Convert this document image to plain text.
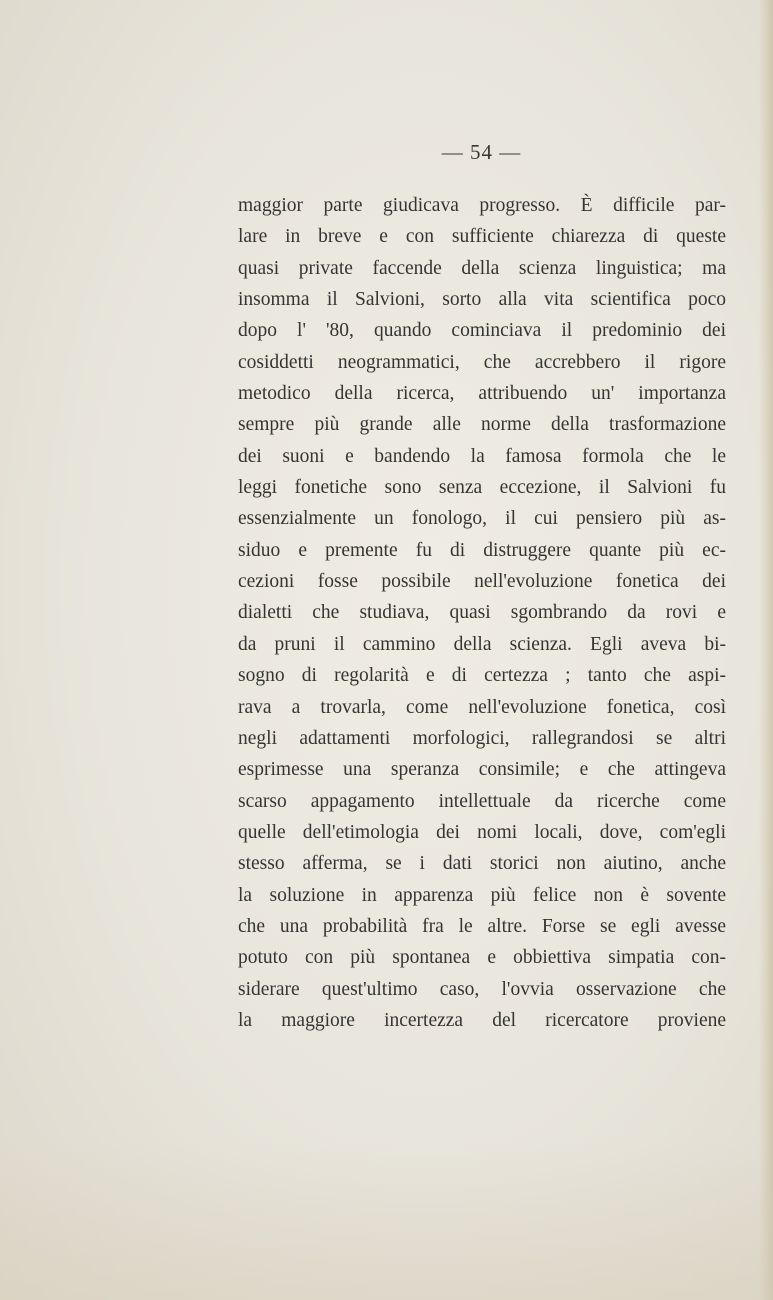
— 54 —
maggior parte giudicava progresso. È difficile par-
lare in breve e con sufficiente chiarezza di queste
quasi private faccende della scienza linguistica; ma
insomma il Salvioni, sorto alla vita scientifica poco
dopo l' '80, quando cominciava il predominio dei
cosiddetti neogrammatici, che accrebbero il rigore
metodico della ricerca, attribuendo un' importanza
sempre più grande alle norme della trasformazione
dei suoni e bandendo la famosa formola che le
leggi fonetiche sono senza eccezione, il Salvioni fu
essenzialmente un fonologo, il cui pensiero più as-
siduo e premente fu di distruggere quante più ec-
cezioni fosse possibile nell'evoluzione fonetica dei
dialetti che studiava, quasi sgombrando da rovi e
da pruni il cammino della scienza. Egli aveva bi-
sogno di regolarità e di certezza ; tanto che aspi-
rava a trovarla, come nell'evoluzione fonetica, così
negli adattamenti morfologici, rallegrandosi se altri
esprimesse una speranza consimile; e che attingeva
scarso appagamento intellettuale da ricerche come
quelle dell'etimologia dei nomi locali, dove, com'egli
stesso afferma, se i dati storici non aiutino, anche
la soluzione in apparenza più felice non è sovente
che una probabilità fra le altre. Forse se egli avesse
potuto con più spontanea e obbiettiva simpatia con-
siderare quest'ultimo caso, l'ovvia osservazione che
la maggiore incertezza del ricercatore proviene
